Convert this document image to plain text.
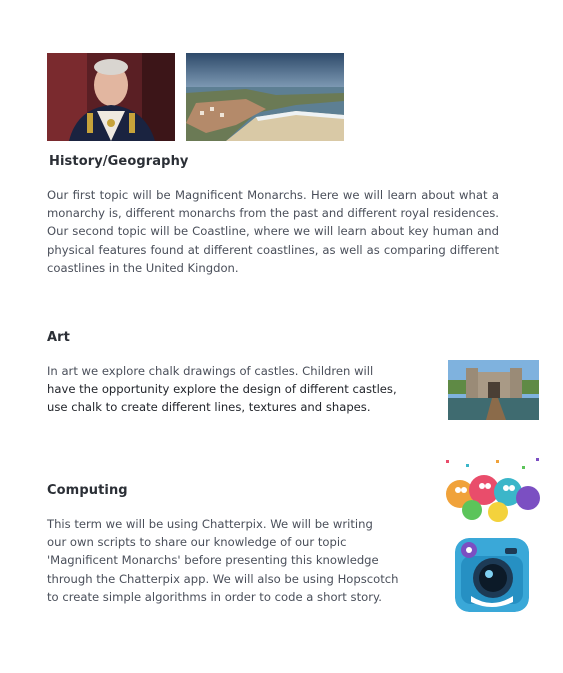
History/Geography

Our first topic will be Magnificent Monarchs. Here we will learn about what a monarchy is, different monarchs from the past and different royal residences. Our second topic will be Coastline, where we will learn about key human and physical features found at different coastlines, as well as comparing different coastlines in the United Kingdon.

Art
In art we explore chalk drawings of castles. Children will
have the opportunity explore the design of different castles,
use chalk to create different lines, textures and shapes.
Computing
This term we will be using Chatterpix. We will be writing
our own scripts to share our knowledge of our topic
'Magnificent Monarchs' before presenting this knowledge
through the Chatterpix app. We will also be using Hopscotch
to create simple algorithms in order to code a short story.
